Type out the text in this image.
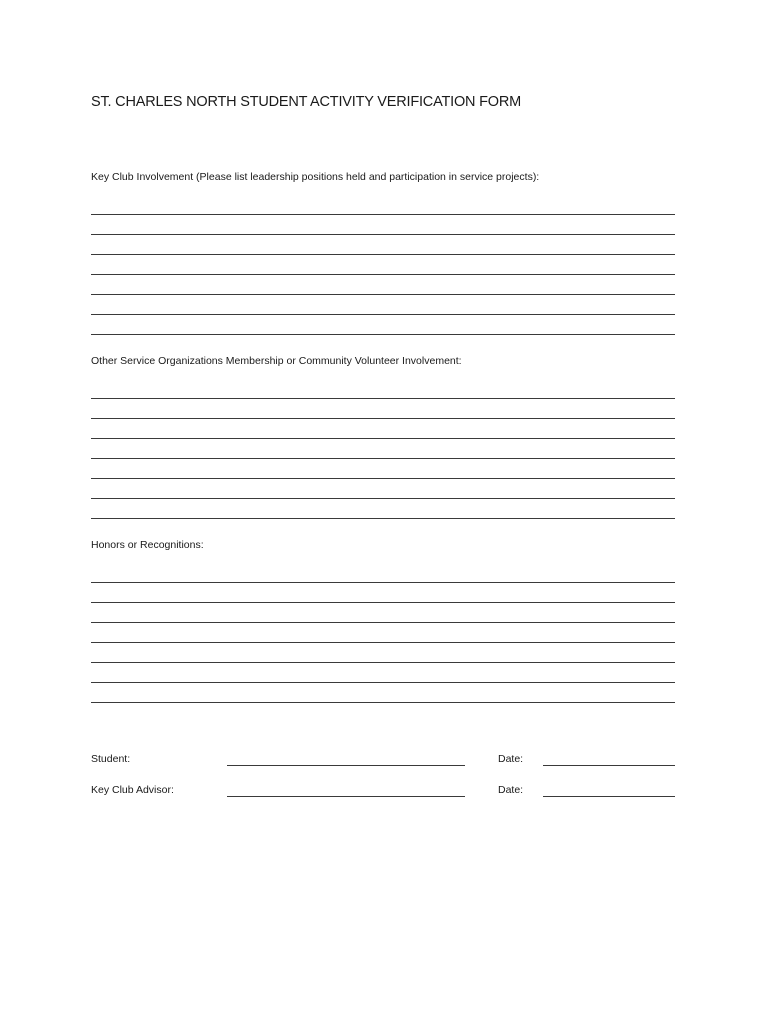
ST. CHARLES NORTH STUDENT ACTIVITY VERIFICATION FORM
Key Club Involvement (Please list leadership positions held and participation in service projects):
Other Service Organizations Membership or Community Volunteer Involvement:
Honors or Recognitions:
Student:	Date:
Key Club Advisor:	Date:
